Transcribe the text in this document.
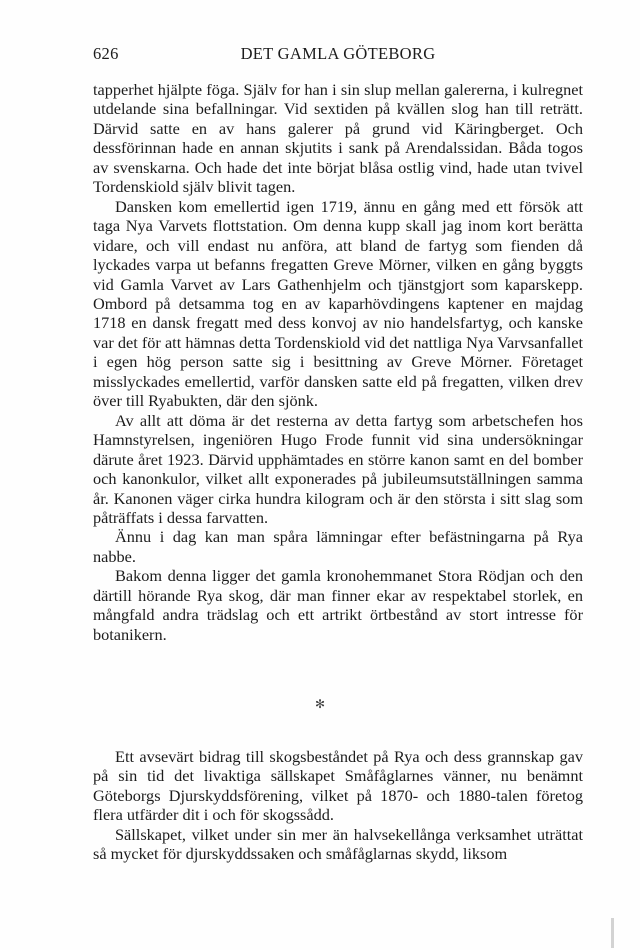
626	DET GAMLA GÖTEBORG

tapperhet hjälpte föga. Själv for han i sin slup mellan galererna, i kulregnet utdelande sina befallningar. Vid sextiden på kvällen slog han till reträtt. Därvid satte en av hans galerer på grund vid Käringberget. Och dessförinnan hade en annan skjutits i sank på Arendalssidan. Båda togos av svenskarna. Och hade det inte börjat blåsa ostlig vind, hade utan tvivel Tordenskiold själv blivit tagen.

Dansken kom emellertid igen 1719, ännu en gång med ett försök att taga Nya Varvets flottstation. Om denna kupp skall jag inom kort berätta vidare, och vill endast nu anföra, att bland de fartyg som fienden då lyckades varpa ut befanns fregatten Greve Mörner, vilken en gång byggts vid Gamla Varvet av Lars Gathenhjelm och tjänstgjort som kaparskepp. Ombord på detsamma tog en av kaparhövdingens kaptener en majdag 1718 en dansk fregatt med dess konvoj av nio handelsfartyg, och kanske var det för att hämnas detta Tordenskiold vid det nattliga Nya Varvsanfallet i egen hög person satte sig i besittning av Greve Mörner. Företaget misslyckades emellertid, varför dansken satte eld på fregatten, vilken drev över till Ryabukten, där den sjönk.

Av allt att döma är det resterna av detta fartyg som arbetschefen hos Hamnstyrelsen, ingeniören Hugo Frode funnit vid sina undersökningar därute året 1923. Därvid upphämtades en större kanon samt en del bomber och kanonkulor, vilket allt exponerades på jubileumsutställningen samma år. Kanonen väger cirka hundra kilogram och är den största i sitt slag som påträffats i dessa farvatten.

Ännu i dag kan man spåra lämningar efter befästningarna på Rya nabbe.

Bakom denna ligger det gamla kronohemmanet Stora Rödjan och den därtill hörande Rya skog, där man finner ekar av respektabel storlek, en mångfald andra trädslag och ett artrikt örtbestånd av stort intresse för botanikern.

✻

Ett avsevärt bidrag till skogsbeståndet på Rya och dess grannskap gav på sin tid det livaktiga sällskapet Småfåglarnes vänner, nu benämnt Göteborgs Djurskyddsförening, vilket på 1870- och 1880-talen företog flera utfärder dit i och för skogssådd.

Sällskapet, vilket under sin mer än halvsekellånga verksamhet uträttat så mycket för djurskyddssaken och småfåglarnas skydd, liksom
